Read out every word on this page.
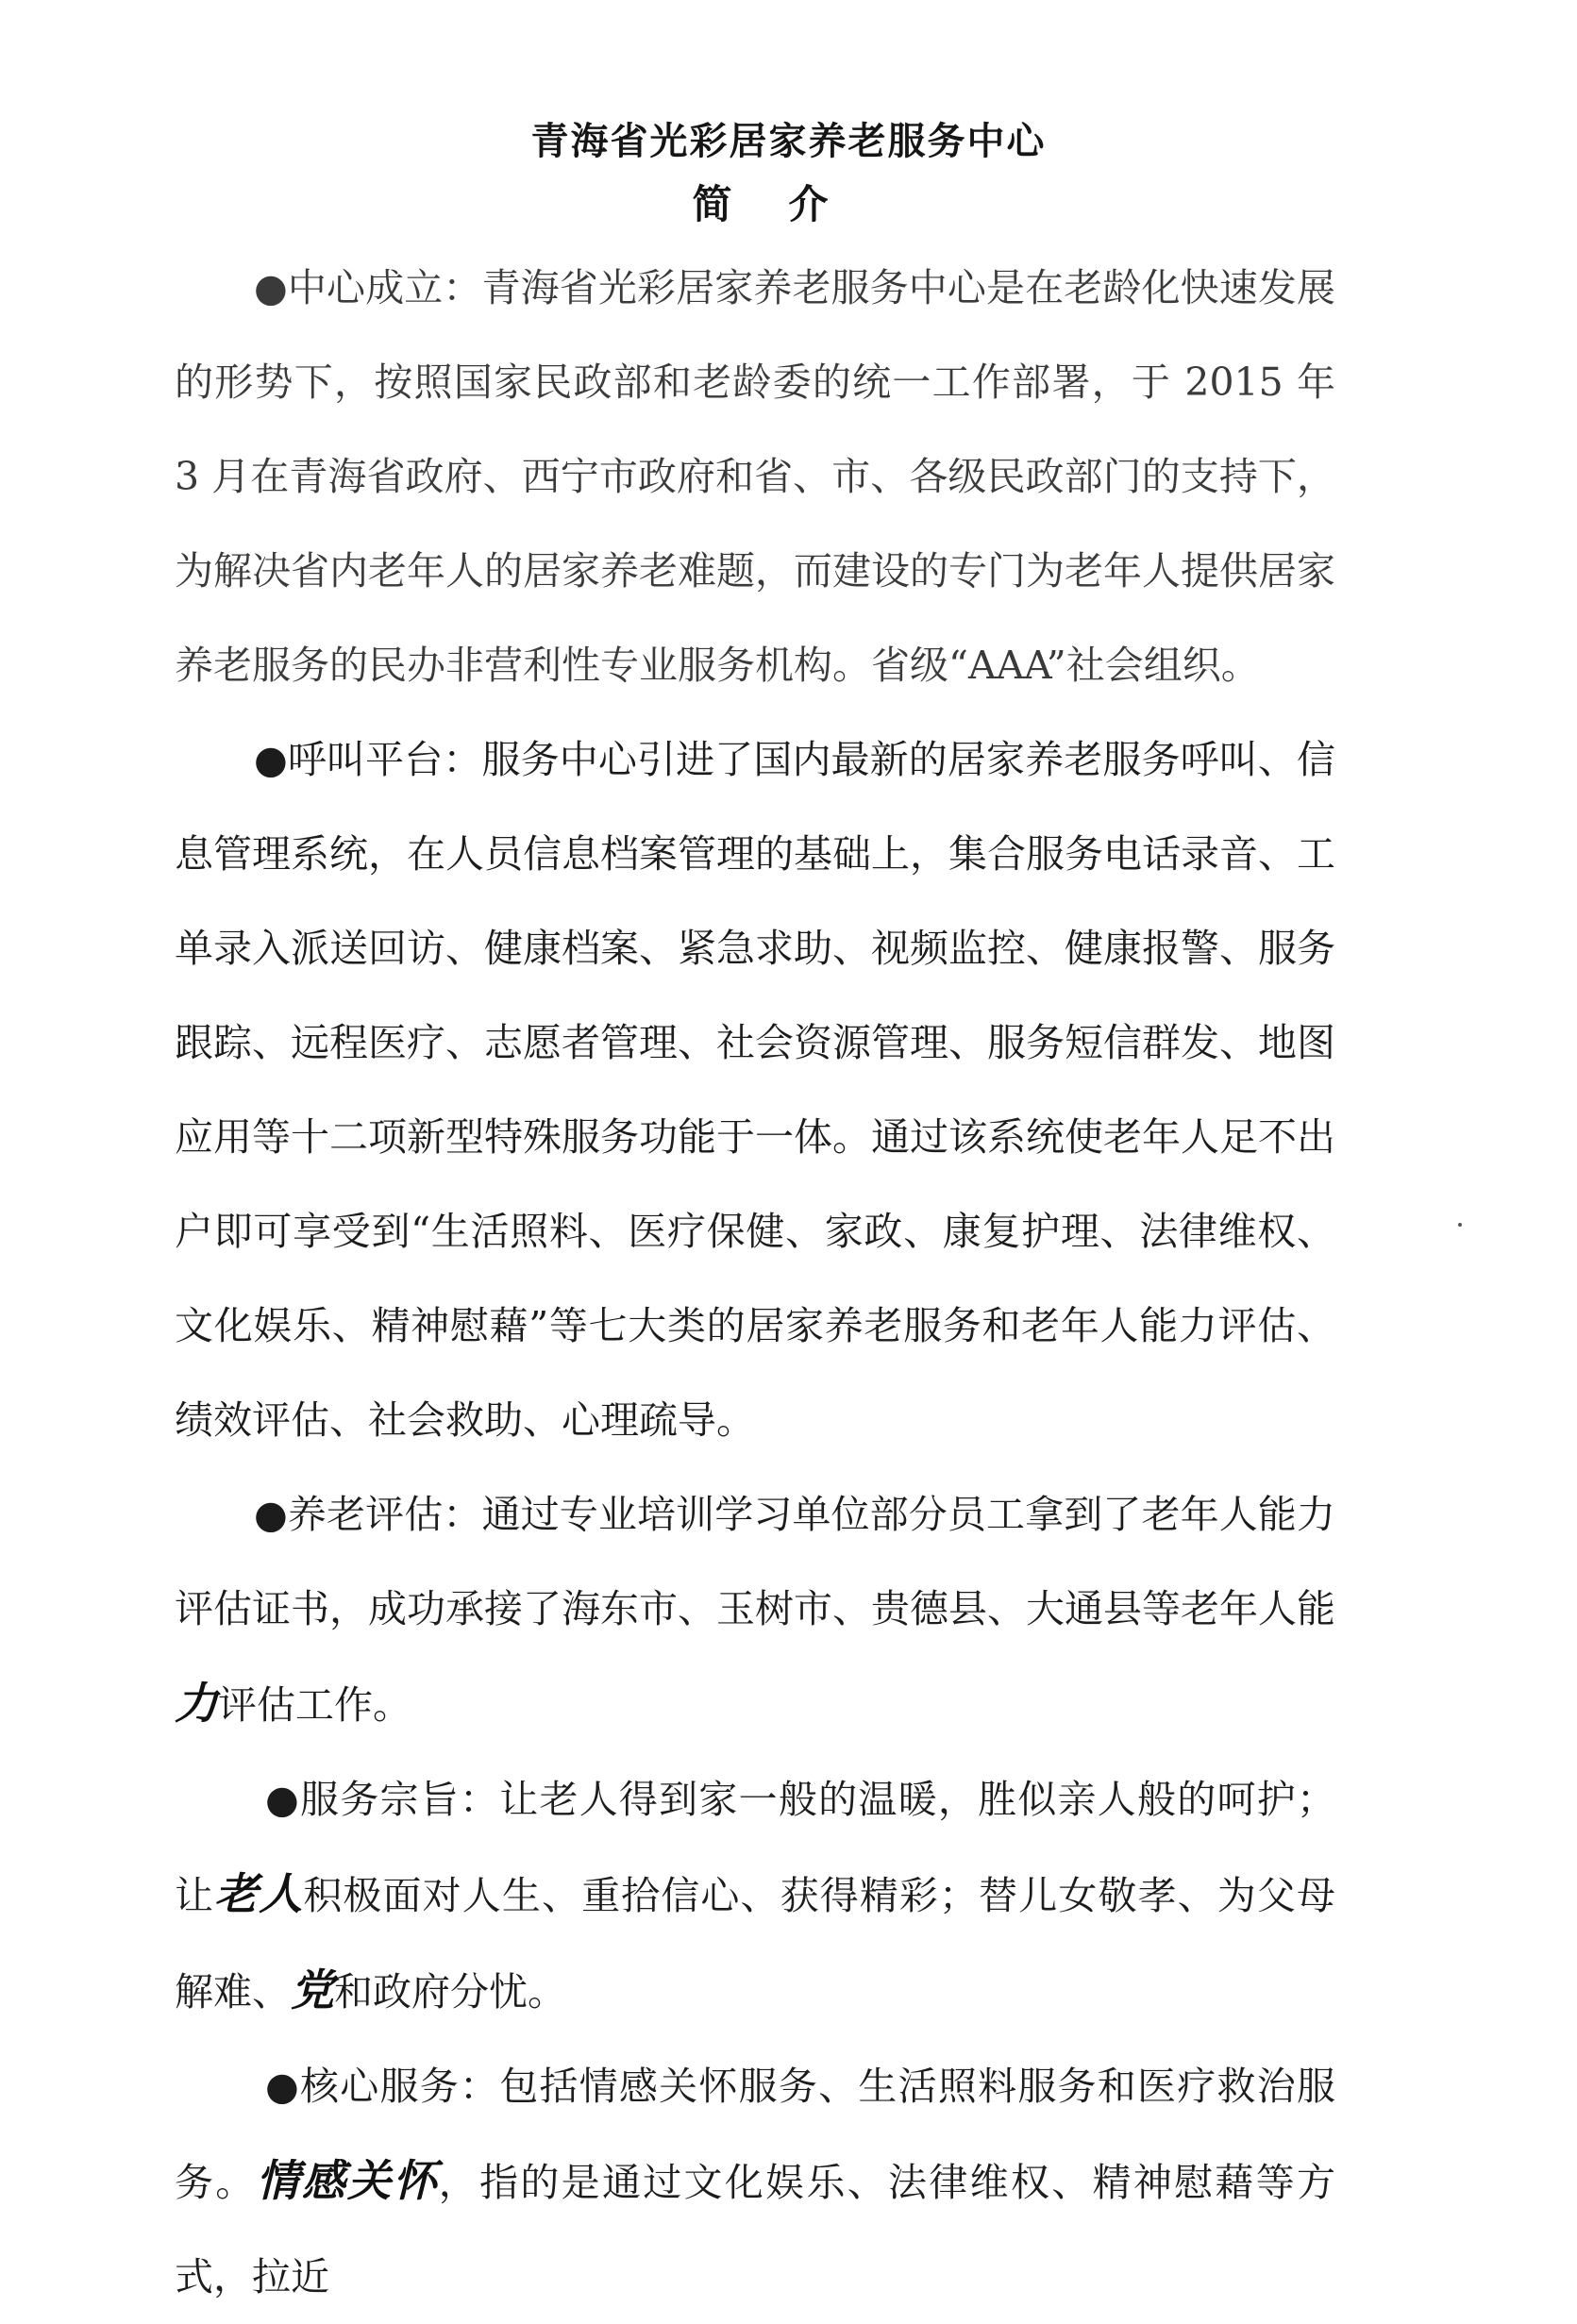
青海省光彩居家养老服务中心
简介

●中心成立：青海省光彩居家养老服务中心是在老龄化快速发展的形势下，按照国家民政部和老龄委的统一工作部署，于 2015 年 3 月在青海省政府、西宁市政府和省、市、各级民政部门的支持下，为解决省内老年人的居家养老难题，而建设的专门为老年人提供居家养老服务的民办非营利性专业服务机构。省级“AAA”社会组织。

●呼叫平台：服务中心引进了国内最新的居家养老服务呼叫、信息管理系统，在人员信息档案管理的基础上，集合服务电话录音、工单录入派送回访、健康档案、紧急求助、视频监控、健康报警、服务跟踪、远程医疗、志愿者管理、社会资源管理、服务短信群发、地图应用等十二项新型特殊服务功能于一体。通过该系统使老年人足不出户即可享受到“生活照料、医疗保健、家政、康复护理、法律维权、文化娱乐、精神慰藉”等七大类的居家养老服务和老年人能力评估、绩效评估、社会救助、心理疏导。

●养老评估：通过专业培训学习单位部分员工拿到了老年人能力评估证书，成功承接了海东市、玉树市、贵德县、大通县等老年人能力评估工作。

●服务宗旨：让老人得到家一般的温暖，胜似亲人般的呵护；让老人积极面对人生、重拾信心、获得精彩；替儿女敬孝、为父母解难、党和政府分忧。

●核心服务：包括情感关怀服务、生活照料服务和医疗救治服务。情感关怀，指的是通过文化娱乐、法律维权、精神慰藉等方式，拉近
